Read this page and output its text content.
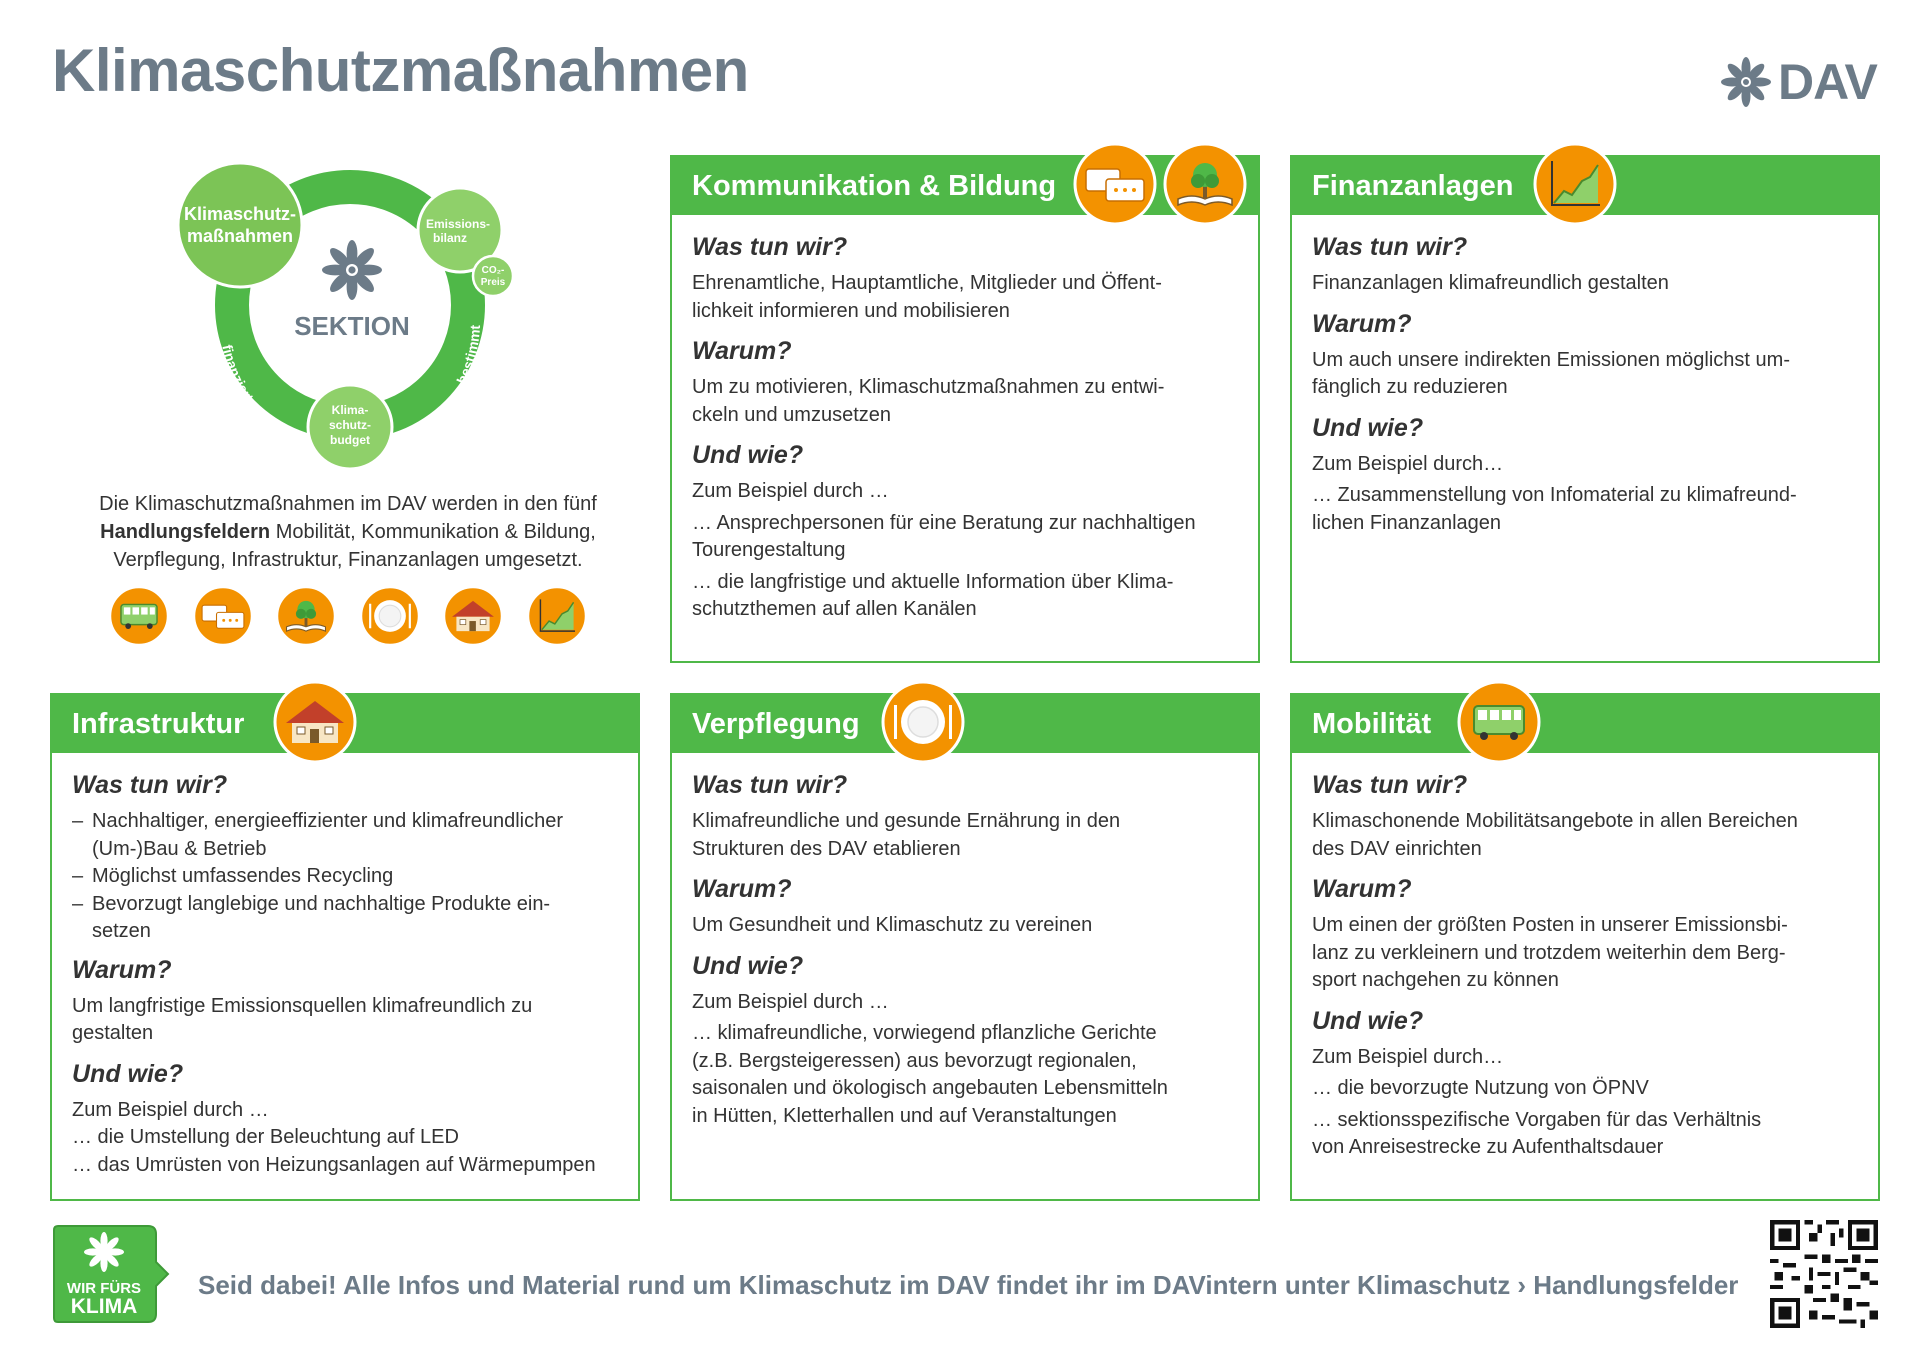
Klimaschutzmaßnahmen	DAV
reduzieren
bestimmt
finanziert
Klimaschutz-
maßnahmen
Emissions-
bilanz
CO₂-
Preis
Klima-
schutz-
budget
SEKTION
Die Klimaschutzmaßnahmen im DAV werden in den fünf
Handlungsfeldern Mobilität, Kommunikation & Bildung,
Verpflegung, Infrastruktur, Finanzanlagen umgesetzt.
Kommunikation & Bildung
Was tun wir?
Ehrenamtliche, Hauptamtliche, Mitglieder und Öffent-
lichkeit informieren und mobilisieren
Warum?
Um zu motivieren, Klimaschutzmaßnahmen zu entwi-
ckeln und umzusetzen
Und wie?
Zum Beispiel durch …
… Ansprechpersonen für eine Beratung zur nachhaltigen
Tourengestaltung
… die langfristige und aktuelle Information über Klima-
schutzthemen auf allen Kanälen
Finanzanlagen
Was tun wir?
Finanzanlagen klimafreundlich gestalten
Warum?
Um auch unsere indirekten Emissionen möglichst um-
fänglich zu reduzieren
Und wie?
Zum Beispiel durch…
… Zusammenstellung von Infomaterial zu klimafreund-
lichen Finanzanlagen
Infrastruktur
Was tun wir?
– Nachhaltiger, energieeffizienter und klimafreundlicher
(Um-)Bau & Betrieb
– Möglichst umfassendes Recycling
– Bevorzugt langlebige und nachhaltige Produkte ein-
setzen
Warum?
Um langfristige Emissionsquellen klimafreundlich zu
gestalten
Und wie?
Zum Beispiel durch …
… die Umstellung der Beleuchtung auf LED
… das Umrüsten von Heizungsanlagen auf Wärmepumpen
Verpflegung
Was tun wir?
Klimafreundliche und gesunde Ernährung in den
Strukturen des DAV etablieren
Warum?
Um Gesundheit und Klimaschutz zu vereinen
Und wie?
Zum Beispiel durch …
… klimafreundliche, vorwiegend pflanzliche Gerichte
(z.B. Bergsteigeressen) aus bevorzugt regionalen,
saisonalen und ökologisch angebauten Lebensmitteln
in Hütten, Kletterhallen und auf Veranstaltungen
Mobilität
Was tun wir?
Klimaschonende Mobilitätsangebote in allen Bereichen
des DAV einrichten
Warum?
Um einen der größten Posten in unserer Emissionsbi-
lanz zu verkleinern und trotzdem weiterhin dem Berg-
sport nachgehen zu können
Und wie?
Zum Beispiel durch…
… die bevorzugte Nutzung von ÖPNV
… sektionsspezifische Vorgaben für das Verhältnis
von Anreisestrecke zu Aufenthaltsdauer
WIR FÜRS
KLIMA
Seid dabei! Alle Infos und Material rund um Klimaschutz im DAV findet ihr im DAVintern unter Klimaschutz › Handlungsfelder
